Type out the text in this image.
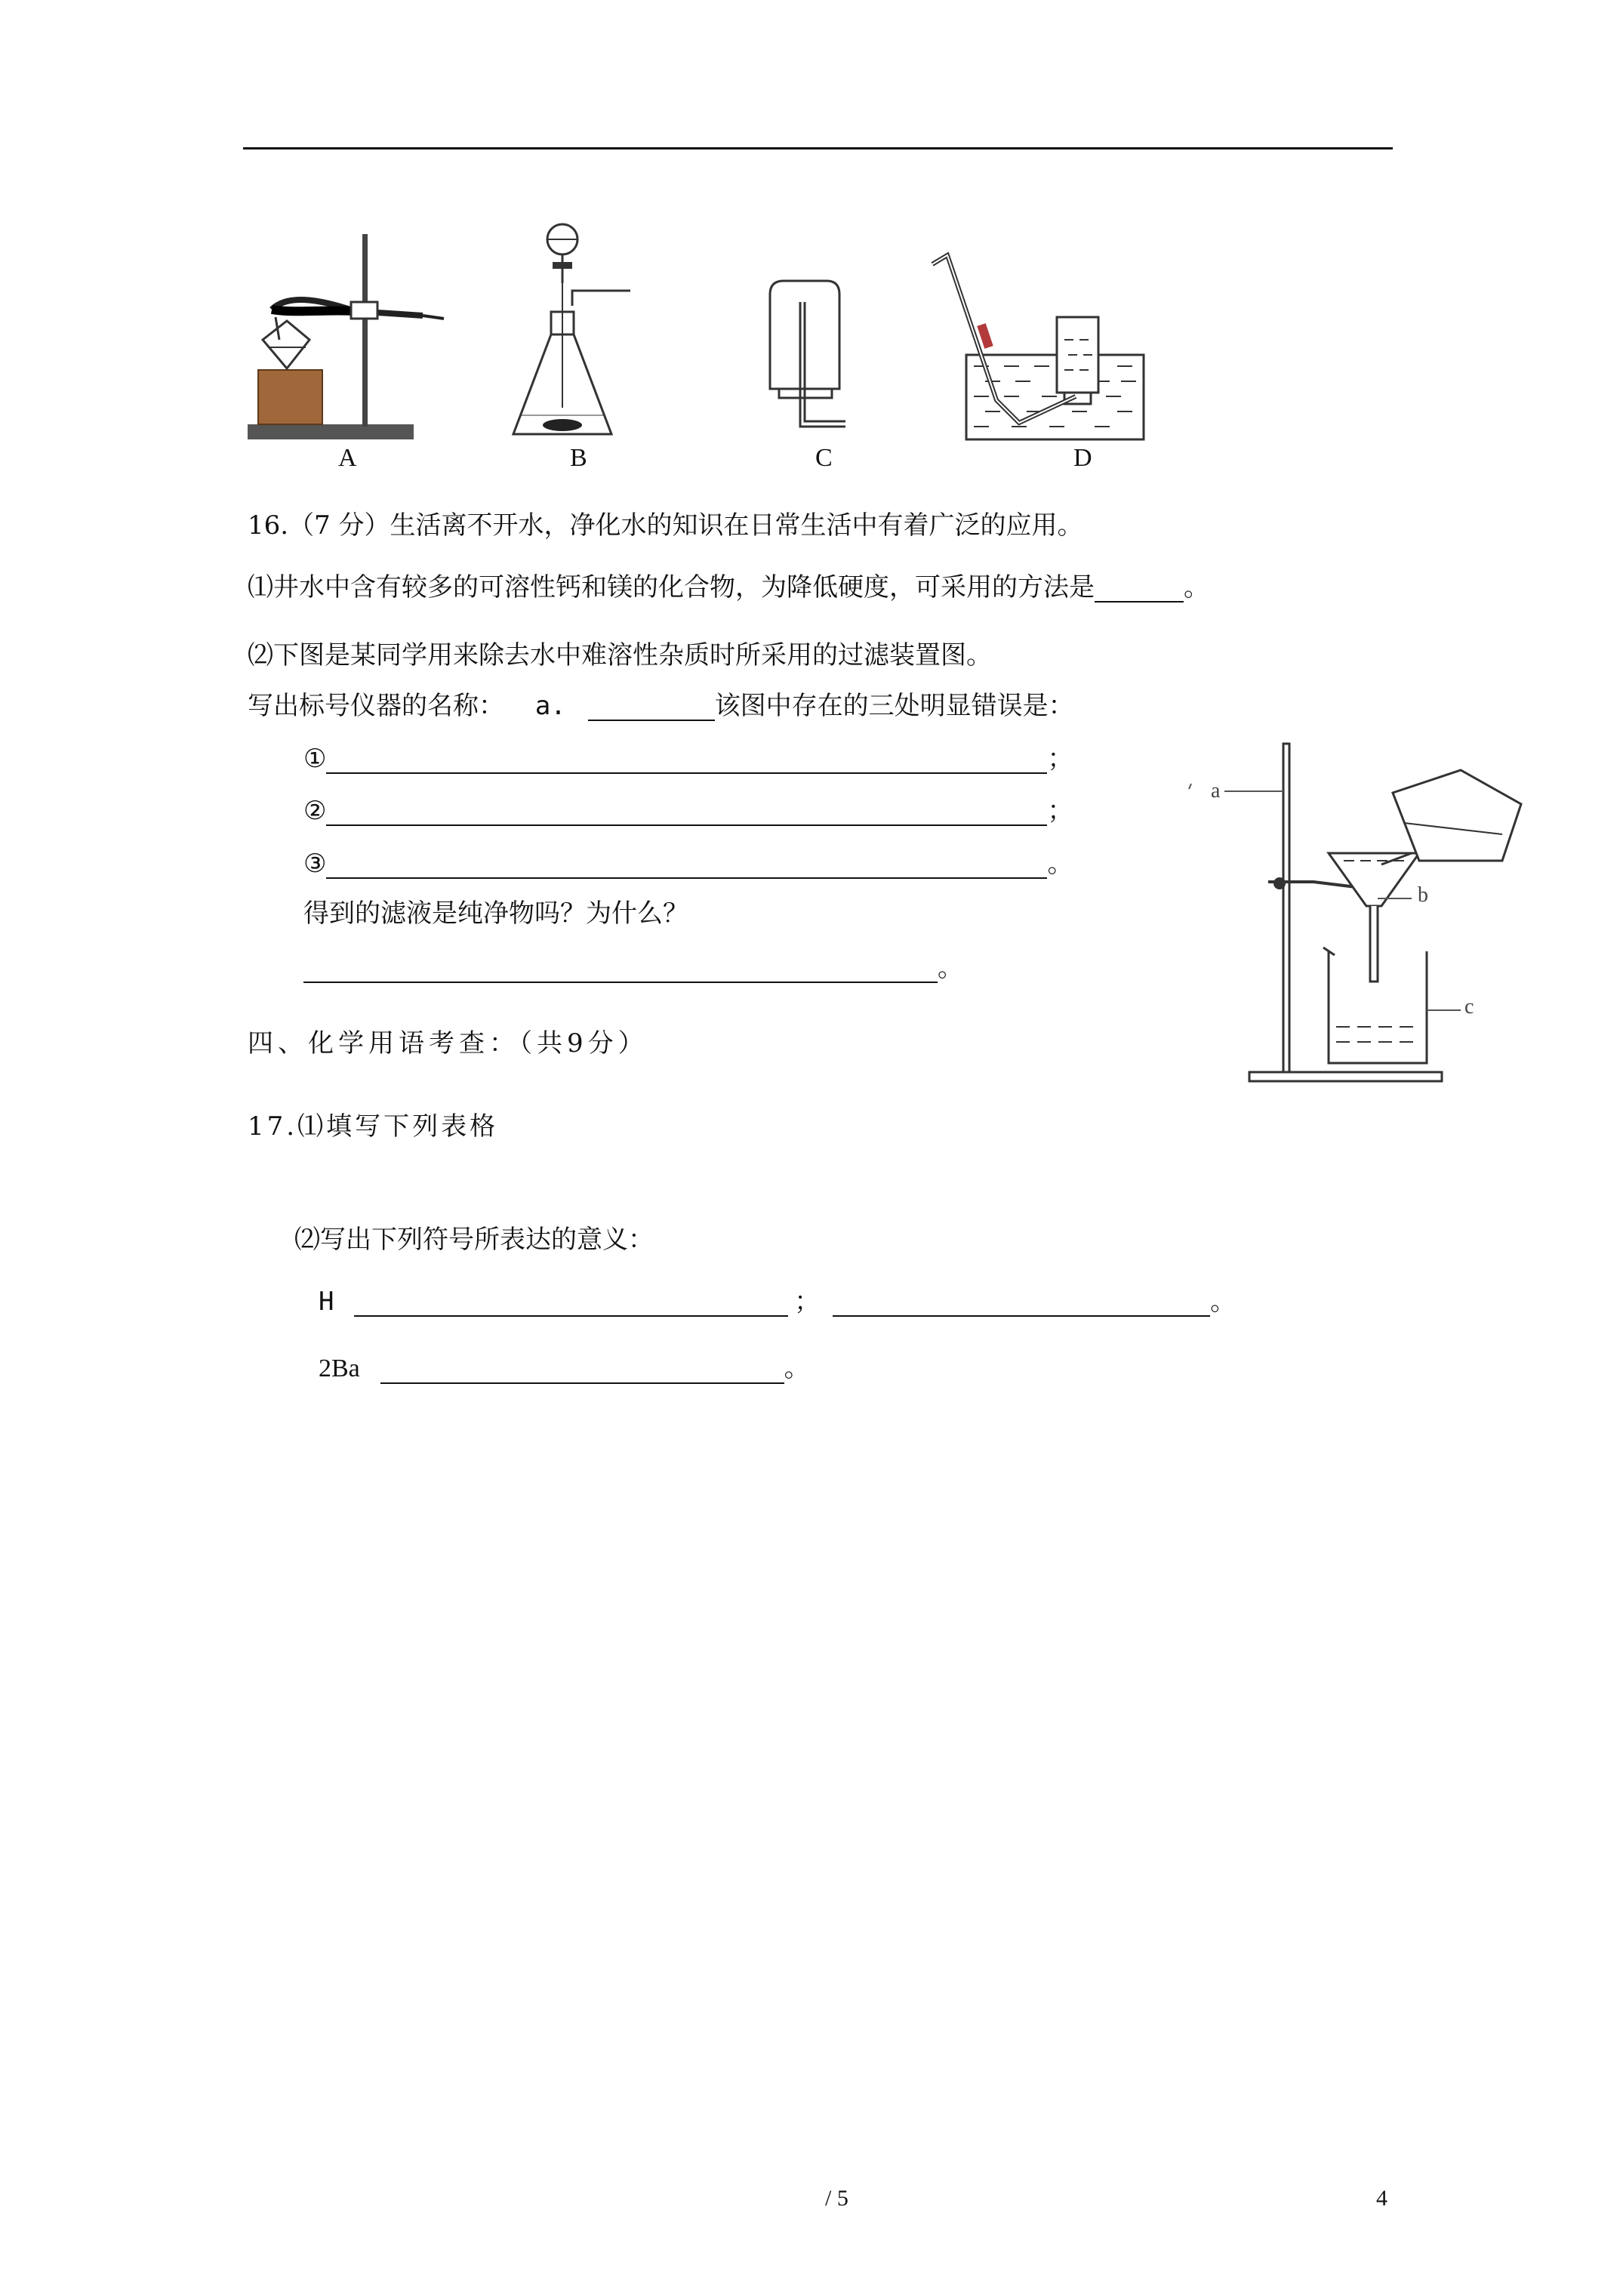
A	B	C	D
16.（7 分）生活离不开水，净化水的知识在日常生活中有着广泛的应用。
⑴井水中含有较多的可溶性钙和镁的化合物，为降低硬度，可采用的方法是	。
⑵下图是某同学用来除去水中难溶性杂质时所采用的过滤装置图。
写出标号仪器的名称： a.	该图中存在的三处明显错误是：
①	；
②	；
③	。
得到的滤液是纯净物吗？为什么？
。
a
b
c
四、化学用语考查：（共9分）
17.⑴填写下列表格
⑵写出下列符号所表达的意义：
H	；	。
2Ba	。
/ 5	4
